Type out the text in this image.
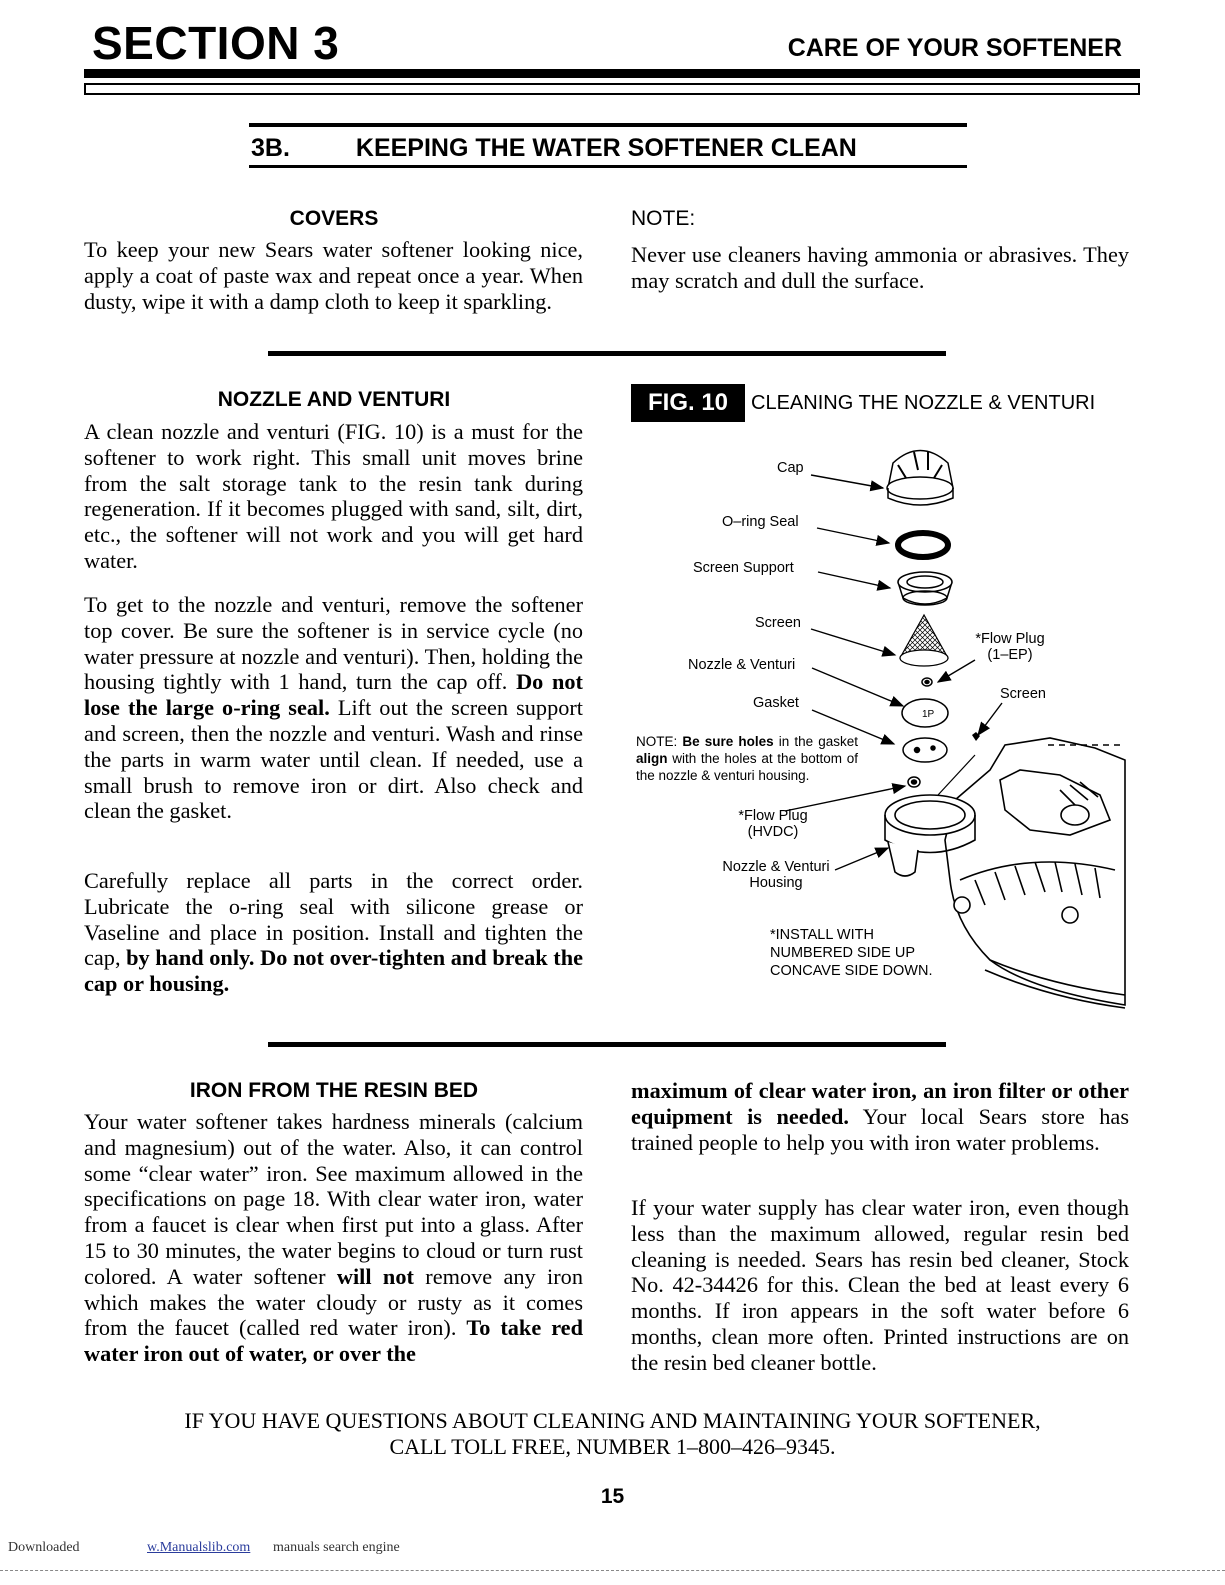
SECTION 3	CARE OF YOUR SOFTENER
3B.	KEEPING THE WATER SOFTENER CLEAN
COVERS
To keep your new Sears water softener looking nice, apply a coat of paste wax and repeat once a year. When dusty, wipe it with a damp cloth to keep it sparkling.
NOTE:
Never use cleaners having ammonia or abrasives. They may scratch and dull the surface.
NOZZLE AND VENTURI
A clean nozzle and venturi (FIG. 10) is a must for the softener to work right. This small unit moves brine from the salt storage tank to the resin tank during regeneration. If it becomes plugged with sand, silt, dirt, etc., the softener will not work and you will get hard water.
To get to the nozzle and venturi, remove the softener top cover. Be sure the softener is in service cycle (no water pressure at nozzle and venturi). Then, holding the housing tightly with 1 hand, turn the cap off. Do not lose the large o-ring seal. Lift out the screen support and screen, then the nozzle and venturi. Wash and rinse the parts in warm water until clean. If needed, use a small brush to remove iron or dirt. Also check and clean the gasket.
Carefully replace all parts in the correct order. Lubricate the o-ring seal with silicone grease or Vaseline and place in position. Install and tighten the cap, by hand only. Do not over-tighten and break the cap or housing.
FIG. 10	CLEANING THE NOZZLE & VENTURI
1P
Cap
O–ring Seal
Screen Support
Screen
Nozzle & Venturi
Gasket
*Flow Plug
(1–EP)
Screen
*Flow Plug
(HVDC)
Nozzle & Venturi
Housing
NOTE: Be sure holes in the gasket align with the holes at the bottom of the nozzle & venturi housing.
*INSTALL WITH
NUMBERED SIDE UP
CONCAVE SIDE DOWN.
IRON FROM THE RESIN BED
Your water softener takes hardness minerals (calcium and magnesium) out of the water. Also, it can control some “clear water” iron. See maximum allowed in the specifications on page 18. With clear water iron, water from a faucet is clear when first put into a glass. After 15 to 30 minutes, the water begins to cloud or turn rust colored. A water softener will not remove any iron which makes the water cloudy or rusty as it comes from the faucet (called red water iron). To take red water iron out of water, or over the
maximum of clear water iron, an iron filter or other equipment is needed. Your local Sears store has trained people to help you with iron water problems.
If your water supply has clear water iron, even though less than the maximum allowed, regular resin bed cleaning is needed. Sears has resin bed cleaner, Stock No. 42-34426 for this. Clean the bed at least every 6 months. If iron appears in the soft water before 6 months, clean more often. Printed instructions are on the resin bed cleaner bottle.
IF YOU HAVE QUESTIONS ABOUT CLEANING AND MAINTAINING YOUR SOFTENER,
CALL TOLL FREE, NUMBER 1–800–426–9345.
15
Downloaded	w.Manualslib.com manuals search engine
